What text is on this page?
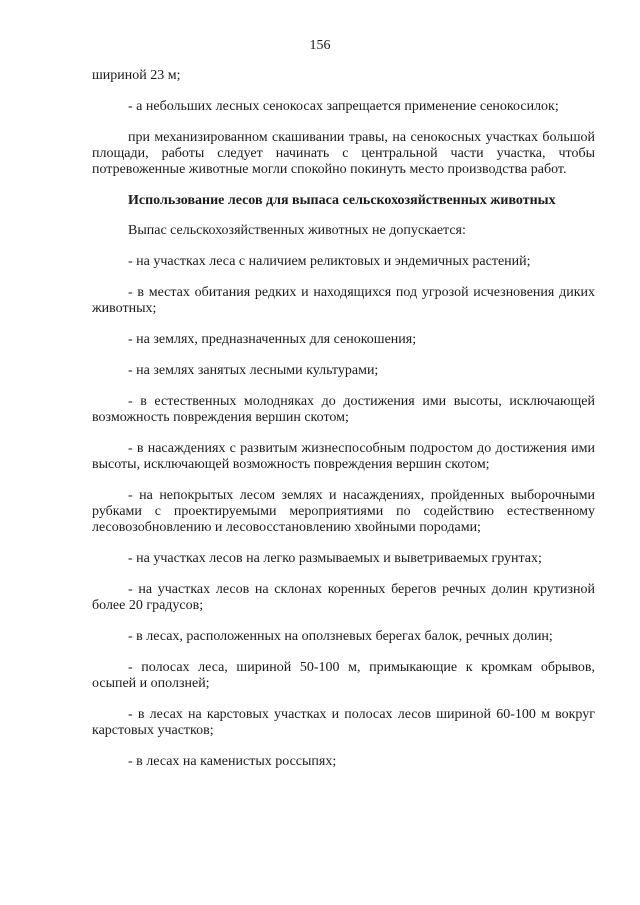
156

шириной 23 м;

- а небольших лесных сенокосах запрещается применение сенокосилок;

при механизированном скашивании травы, на сенокосных участках большой площади, работы следует начинать с центральной части участка, чтобы потревоженные животные могли спокойно покинуть место производства работ.

Использование лесов для выпаса сельскохозяйственных животных

Выпас сельскохозяйственных животных не допускается:

- на участках леса с наличием реликтовых и эндемичных растений;

- в местах обитания редких и находящихся под угрозой исчезновения диких животных;

- на землях, предназначенных для сенокошения;

- на землях занятых лесными культурами;

- в естественных молодняках до достижения ими высоты, исключающей возможность повреждения вершин скотом;

- в насаждениях с развитым жизнеспособным подростом до достижения ими высоты, исключающей возможность повреждения вершин скотом;

- на непокрытых лесом землях и насаждениях, пройденных выборочными рубками с проектируемыми мероприятиями по содействию естественному лесовозобновлению и лесовосстановлению хвойными породами;

- на участках лесов на легко размываемых и выветриваемых грунтах;

- на участках лесов на склонах коренных берегов речных долин крутизной более 20 градусов;

- в лесах, расположенных на оползневых берегах балок, речных долин;

- полосах леса, шириной 50-100 м, примыкающие к кромкам обрывов, осыпей и оползней;

- в лесах на карстовых участках и полосах лесов шириной 60-100 м вокруг карстовых участков;

- в лесах на каменистых россыпях;
